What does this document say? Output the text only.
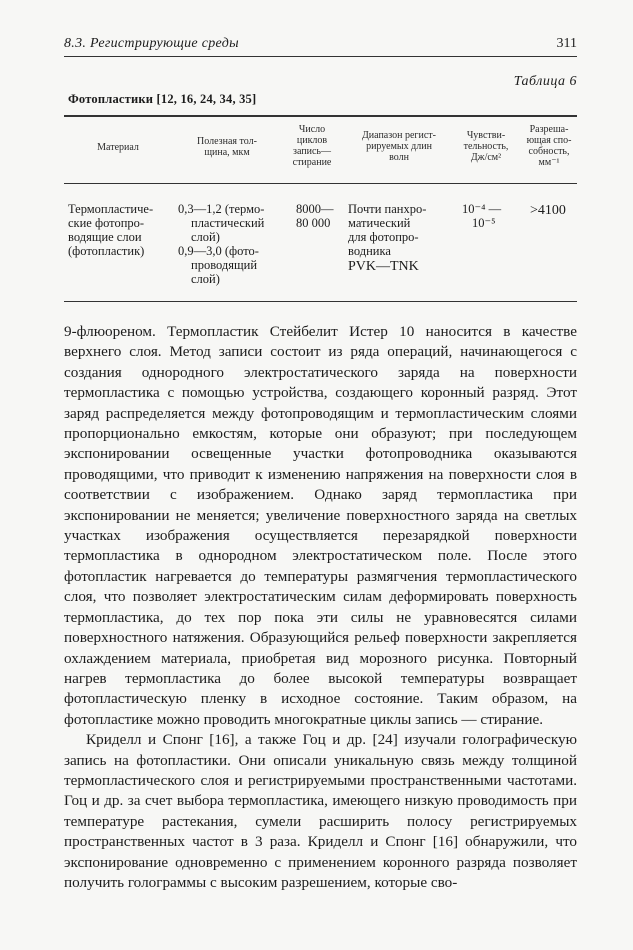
8.3. Регистрирующие среды	311
Таблица 6
Фотопластики [12, 16, 24, 34, 35]
Материал
Полезная тол-
щина, мкм
Число
циклов
запись—
стирание
Диапазон регист-
рируемых длин
волн
Чувстви-
тельность,
Дж/см²
Разреша-
ющая спо-
собность,
мм⁻¹
Термопластиче-
ские фотопро-
водящие слои
(фотопластик)
0,3—1,2 (термо-
пластический
слой)
0,9—3,0 (фото-
проводящий
слой)
8000—
80 000
Почти панхро-
матический
для фотопро-
водника
PVK—TNK
10⁻⁴ —
10⁻⁵
>4100

9-флюореном. Термопластик Стейбелит Истер 10 наносится в качестве верхнего слоя. Метод записи состоит из ряда операций, начинающегося с создания однородного электростатического заряда на поверхности термопластика с помощью устройства, создающего коронный разряд. Этот заряд распределяется между фотопроводящим и термопластическим слоями пропорционально емкостям, которые они образуют; при последующем экспонировании освещенные участки фотопроводника оказываются проводящими, что приводит к изменению напряжения на поверхности слоя в соответствии с изображением. Однако заряд термопластика при экспонировании не меняется; увеличение поверхностного заряда на светлых участках изображения осуществляется перезарядкой поверхности термопластика в однородном электростатическом поле. После этого фотопластик нагревается до температуры размягчения термопластического слоя, что позволяет электростатическим силам деформировать поверхность термопластика, до тех пор пока эти силы не уравновесятся силами поверхностного натяжения. Образующийся рельеф поверхности закрепляется охлаждением материала, приобретая вид морозного рисунка. Повторный нагрев термопластика до более высокой температуры возвращает фотопластическую пленку в исходное состояние. Таким образом, на фотопластике можно проводить многократные циклы запись — стирание.

Криделл и Спонг [16], а также Гоц и др. [24] изучали голографическую запись на фотопластики. Они описали уникальную связь между толщиной термопластического слоя и регистрируемыми пространственными частотами. Гоц и др. за счет выбора термопластика, имеющего низкую проводимость при температуре растекания, сумели расширить полосу регистрируемых пространственных частот в 3 раза. Криделл и Спонг [16] обнаружили, что экспонирование одновременно с применением коронного разряда позволяет получить голограммы с высоким разрешением, которые сво-
